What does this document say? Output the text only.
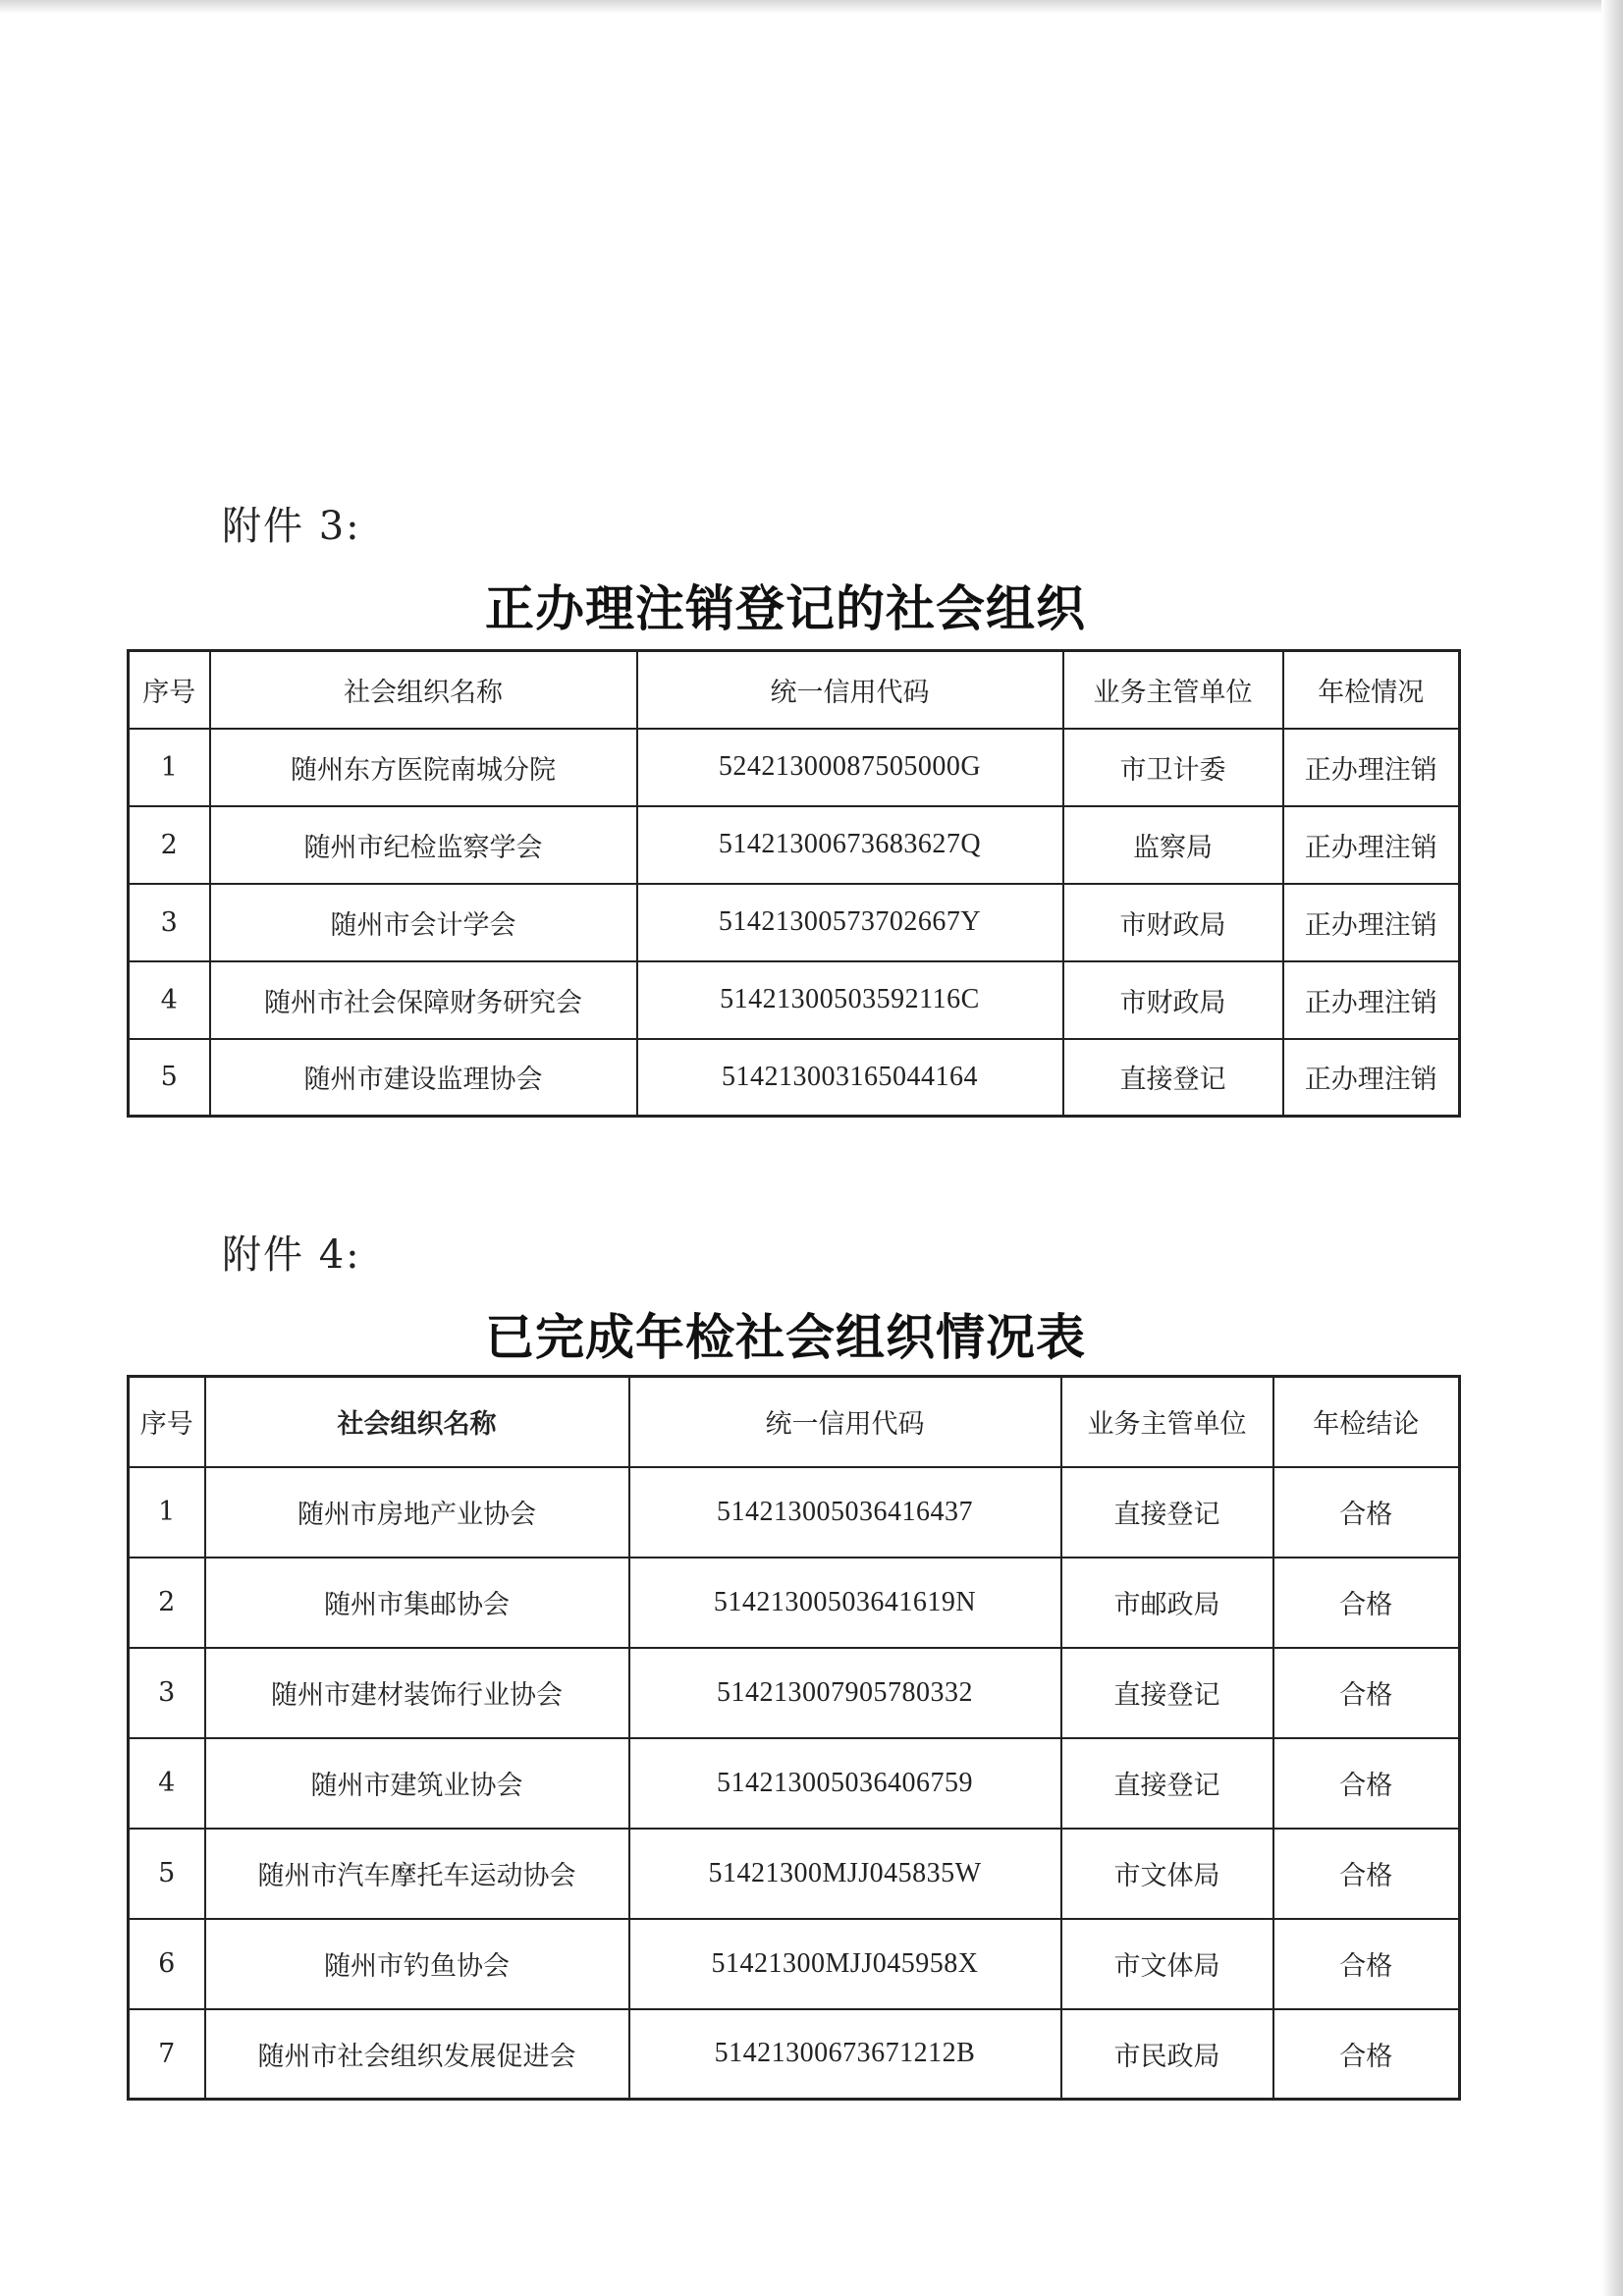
附件 3:
正办理注销登记的社会组织
序号	社会组织名称	统一信用代码	业务主管单位	年检情况
1	随州东方医院南城分院	52421300087505000G	市卫计委	正办理注销
2	随州市纪检监察学会	51421300673683627Q	监察局	正办理注销
3	随州市会计学会	51421300573702667Y	市财政局	正办理注销
4	随州市社会保障财务研究会	51421300503592116C	市财政局	正办理注销
5	随州市建设监理协会	514213003165044164	直接登记	正办理注销
附件 4:
已完成年检社会组织情况表
序号	社会组织名称	统一信用代码	业务主管单位	年检结论
1	随州市房地产业协会	514213005036416437	直接登记	合格
2	随州市集邮协会	51421300503641619N	市邮政局	合格
3	随州市建材装饰行业协会	514213007905780332	直接登记	合格
4	随州市建筑业协会	514213005036406759	直接登记	合格
5	随州市汽车摩托车运动协会	51421300MJJ045835W	市文体局	合格
6	随州市钓鱼协会	51421300MJJ045958X	市文体局	合格
7	随州市社会组织发展促进会	51421300673671212B	市民政局	合格
